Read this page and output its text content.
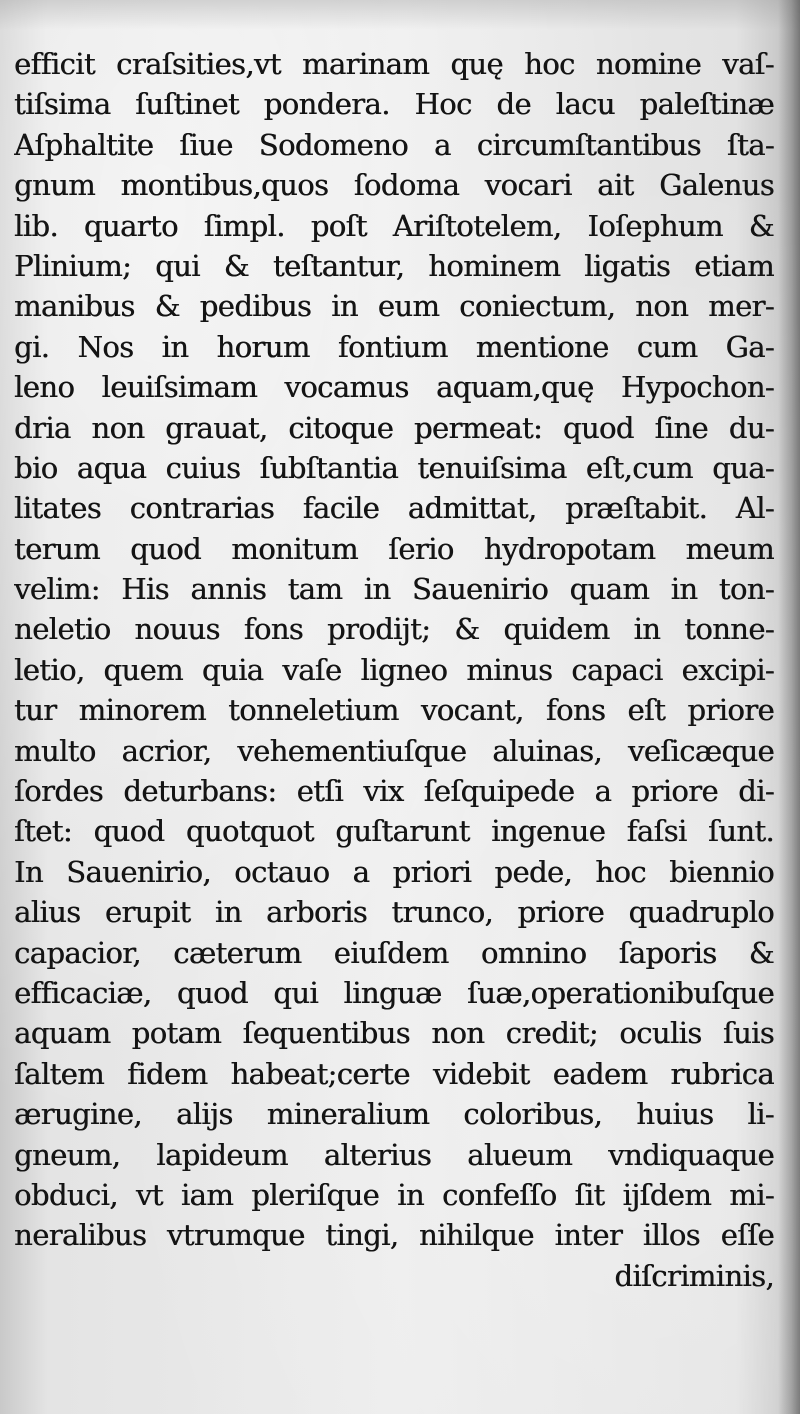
efficit craſsities,vt marinam quę hoc nomine vaſ-
tiſsima ſuſtinet pondera. Hoc de lacu paleſtinæ
Aſphaltite ſiue Sodomeno a circumſtantibus ſta-
gnum montibus,quos ſodoma vocari ait Galenus
lib. quarto ſimpl. poſt Ariſtotelem, Ioſephum &
Plinium; qui & teſtantur, hominem ligatis etiam
manibus & pedibus in eum coniectum, non mer-
gi. Nos in horum fontium mentione cum Ga-
leno leuiſsimam vocamus aquam,quę Hypochon-
dria non grauat, citoque permeat: quod ſine du-
bio aqua cuius ſubſtantia tenuiſsima eſt,cum qua-
litates contrarias facile admittat, præſtabit. Al-
terum quod monitum ſerio hydropotam meum
velim: His annis tam in Sauenirio quam in ton-
neletio nouus fons prodijt; & quidem in tonne-
letio, quem quia vaſe ligneo minus capaci excipi-
tur minorem tonneletium vocant, fons eſt priore
multo acrior, vehementiuſque aluinas, veſicæque
ſordes deturbans: etſi vix ſeſquipede a priore di-
ſtet: quod quotquot guſtarunt ingenue faſsi ſunt.
In Sauenirio, octauo a priori pede, hoc biennio
alius erupit in arboris trunco, priore quadruplo
capacior, cæterum eiuſdem omnino ſaporis &
efficaciæ, quod qui linguæ ſuæ,operationibuſque
aquam potam ſequentibus non credit; oculis ſuis
ſaltem fidem habeat;certe videbit eadem rubrica
ærugine, alijs mineralium coloribus, huius li-
gneum, lapideum alterius alueum vndiquaque
obduci, vt iam pleriſque in confeſſo ſit ijſdem mi-
neralibus vtrumque tingi, nihilque inter illos eſſe
diſcriminis,
